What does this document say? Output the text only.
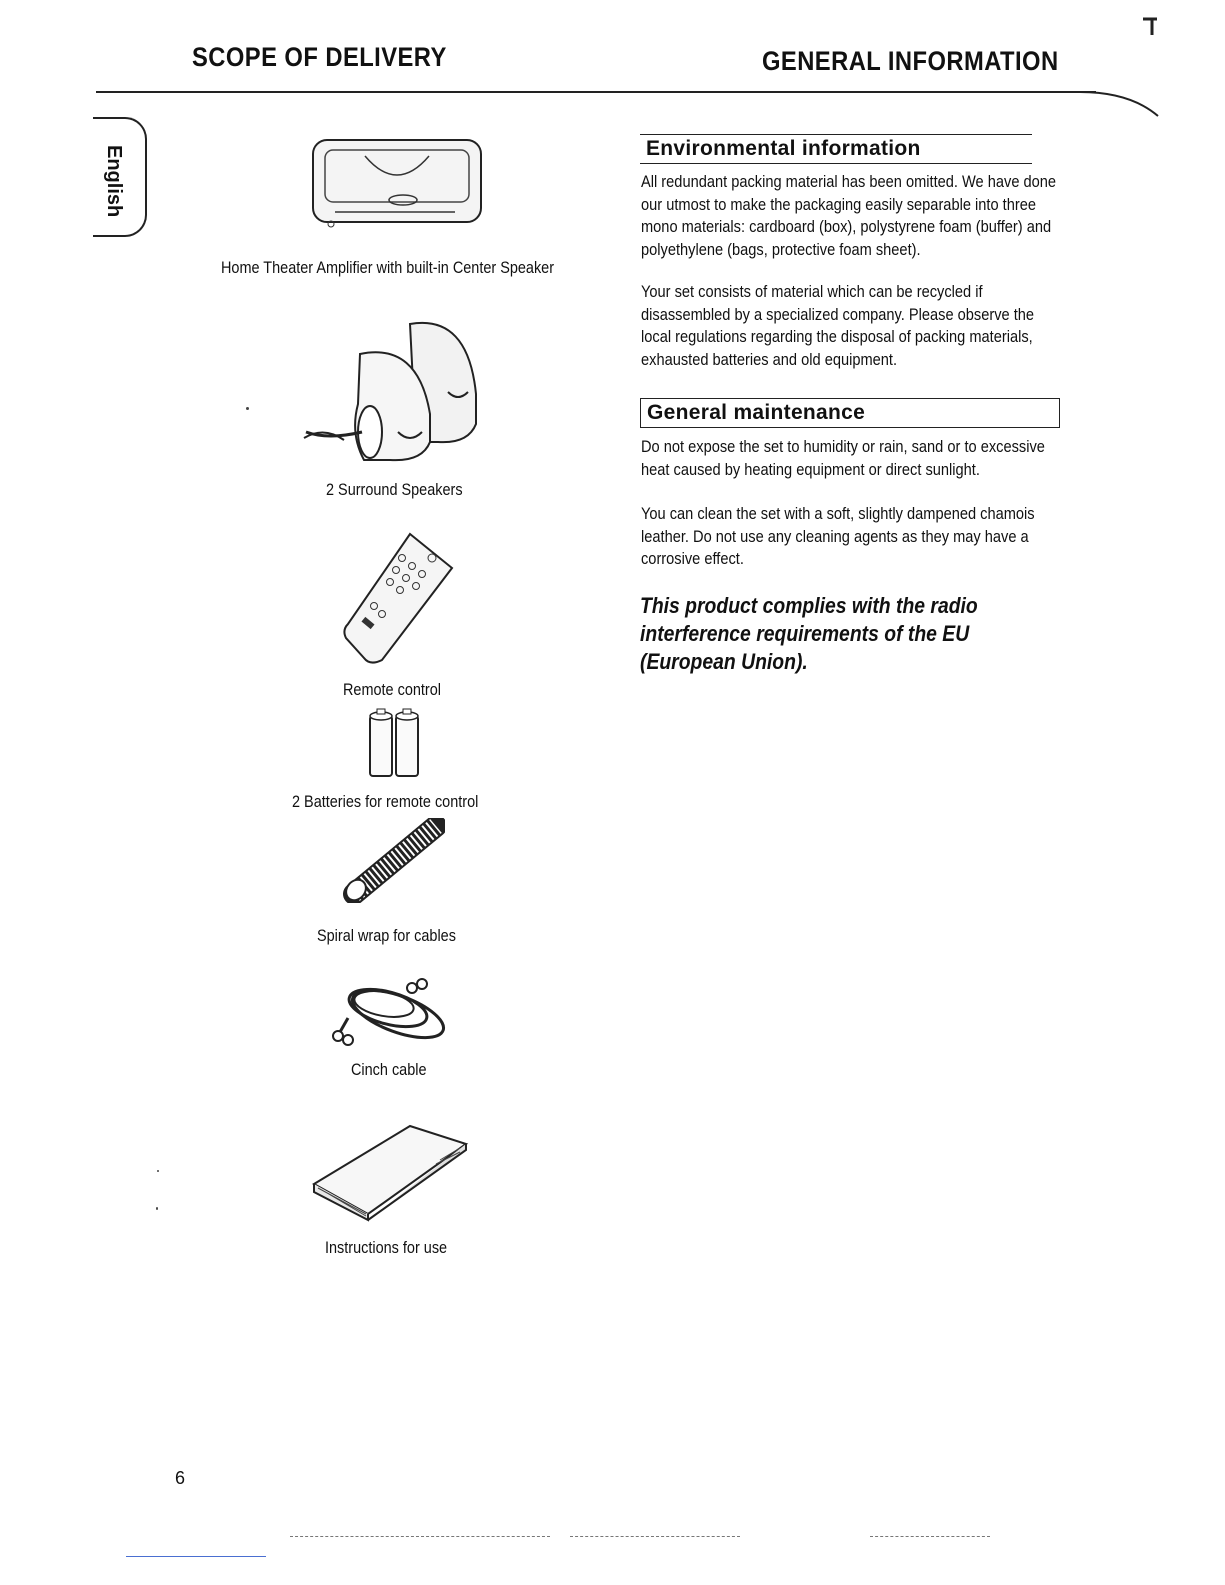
SCOPE OF DELIVERY	GENERAL INFORMATION
English
Home Theater Amplifier with built-in Center Speaker
2 Surround Speakers
Remote control
2 Batteries for remote control
Spiral wrap for cables
Cinch cable
Instructions for use
Environmental information
All redundant packing material has been omitted. We have done our utmost to make the packaging easily separable into three mono materials: cardboard (box), polystyrene foam (buffer) and polyethylene (bags, protective foam sheet).
Your set consists of material which can be recycled if disassembled by a specialized company. Please observe the local regulations regarding the disposal of packing materials, exhausted batteries and old equipment.
General maintenance
Do not expose the set to humidity or rain, sand or to excessive heat caused by heating equipment or direct sunlight.
You can clean the set with a soft, slightly dampened chamois leather. Do not use any cleaning agents as they may have a corrosive effect.
This product complies with the radio interference requirements of the EU (European Union).
6
